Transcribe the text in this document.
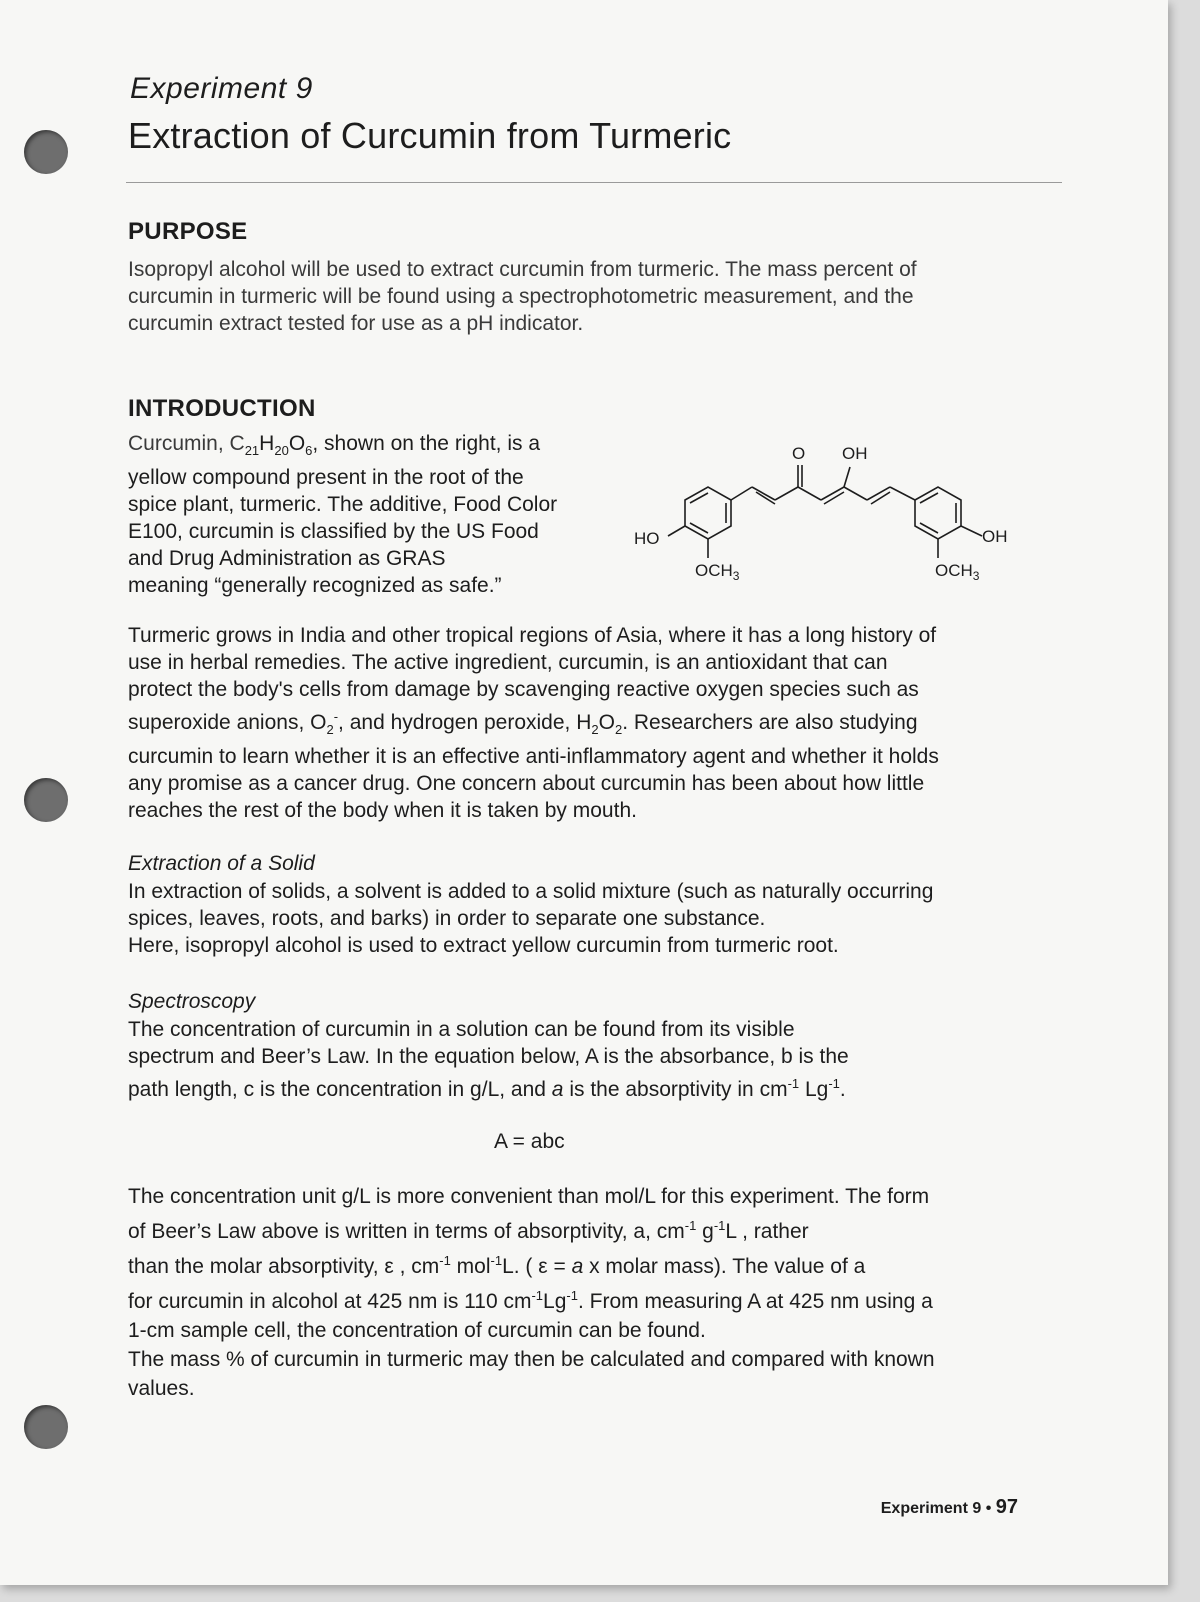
Experiment 9
Extraction of Curcumin from Turmeric
PURPOSE
Isopropyl alcohol will be used to extract curcumin from turmeric. The mass percent of
curcumin in turmeric will be found using a spectrophotometric measurement, and the
curcumin extract tested for use as a pH indicator.
INTRODUCTION
Curcumin, $C_{21}H_{20}O_6$, shown on the right, is a
yellow compound present in the root of the
spice plant, turmeric. The additive, Food Color
E100, curcumin is classified by the US Food
and Drug Administration as GRAS
meaning “generally recognized as safe.”
O OH
HO	OH
$OCH_3$	$OCH_3$
Turmeric grows in India and other tropical regions of Asia, where it has a long history of
use in herbal remedies. The active ingredient, curcumin, is an antioxidant that can
protect the body's cells from damage by scavenging reactive oxygen species such as
superoxide anions, $O_2^-$, and hydrogen peroxide, $H_2O_2$. Researchers are also studying
curcumin to learn whether it is an effective anti-inflammatory agent and whether it holds
any promise as a cancer drug. One concern about curcumin has been about how little
reaches the rest of the body when it is taken by mouth.
Extraction of a Solid
In extraction of solids, a solvent is added to a solid mixture (such as naturally occurring
spices, leaves, roots, and barks) in order to separate one substance.
Here, isopropyl alcohol is used to extract yellow curcumin from turmeric root.
Spectroscopy
The concentration of curcumin in a solution can be found from its visible
spectrum and Beer’s Law. In the equation below, A is the absorbance, b is the
path length, c is the concentration in g/L, and a is the absorptivity in $cm^{-1}$ $Lg^{-1}$.
A = abc
The concentration unit g/L is more convenient than mol/L for this experiment. The form
of Beer’s Law above is written in terms of absorptivity, a, $cm^{-1}$ $g^{-1}L$ , rather
than the molar absorptivity, ε , $cm^{-1}$ mol$^{-1}$L. ( ε = a x molar mass). The value of a
for curcumin in alcohol at 425 nm is 110 $cm^{-1}Lg^{-1}$. From measuring A at 425 nm using a
1-cm sample cell, the concentration of curcumin can be found.
The mass % of curcumin in turmeric may then be calculated and compared with known
values.
Experiment 9 • 97
